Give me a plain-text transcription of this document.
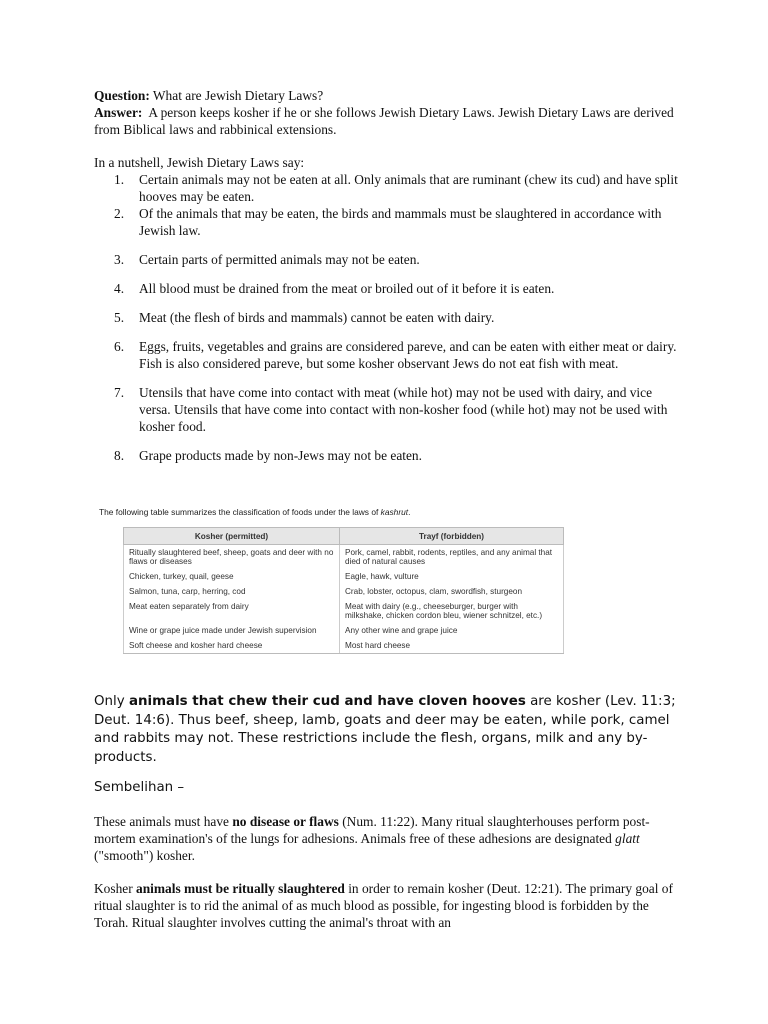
Question: What are Jewish Dietary Laws?
Answer:  A person keeps kosher if he or she follows Jewish Dietary Laws. Jewish Dietary Laws are derived from Biblical laws and rabbinical extensions.
In a nutshell, Jewish Dietary Laws say:
1. Certain animals may not be eaten at all. Only animals that are ruminant (chew its cud) and have split hooves may be eaten.
2. Of the animals that may be eaten, the birds and mammals must be slaughtered in accordance with Jewish law.
3. Certain parts of permitted animals may not be eaten.
4. All blood must be drained from the meat or broiled out of it before it is eaten.
5. Meat (the flesh of birds and mammals) cannot be eaten with dairy.
6. Eggs, fruits, vegetables and grains are considered pareve, and can be eaten with either meat or dairy. Fish is also considered pareve, but some kosher observant Jews do not eat fish with meat.
7. Utensils that have come into contact with meat (while hot) may not be used with dairy, and vice versa. Utensils that have come into contact with non-kosher food (while hot) may not be used with kosher food.
8. Grape products made by non-Jews may not be eaten.
The following table summarizes the classification of foods under the laws of kashrut.
Kosher (permitted)	Trayf (forbidden)
Ritually slaughtered beef, sheep, goats and deer with no flaws or diseases	Pork, camel, rabbit, rodents, reptiles, and any animal that died of natural causes
Chicken, turkey, quail, geese	Eagle, hawk, vulture
Salmon, tuna, carp, herring, cod	Crab, lobster, octopus, clam, swordfish, sturgeon
Meat eaten separately from dairy	Meat with dairy (e.g., cheeseburger, burger with milkshake, chicken cordon bleu, wiener schnitzel, etc.)
Wine or grape juice made under Jewish supervision	Any other wine and grape juice
Soft cheese and kosher hard cheese	Most hard cheese
Only animals that chew their cud and have cloven hooves are kosher (Lev. 11:3; Deut. 14:6). Thus beef, sheep, lamb, goats and deer may be eaten, while pork, camel and rabbits may not. These restrictions include the flesh, organs, milk and any by-products.
Sembelihan –
These animals must have no disease or flaws (Num. 11:22). Many ritual slaughterhouses perform post-mortem examination's of the lungs for adhesions. Animals free of these adhesions are designated glatt ("smooth") kosher.
Kosher animals must be ritually slaughtered in order to remain kosher (Deut. 12:21). The primary goal of ritual slaughter is to rid the animal of as much blood as possible, for ingesting blood is forbidden by the Torah. Ritual slaughter involves cutting the animal's throat with an
